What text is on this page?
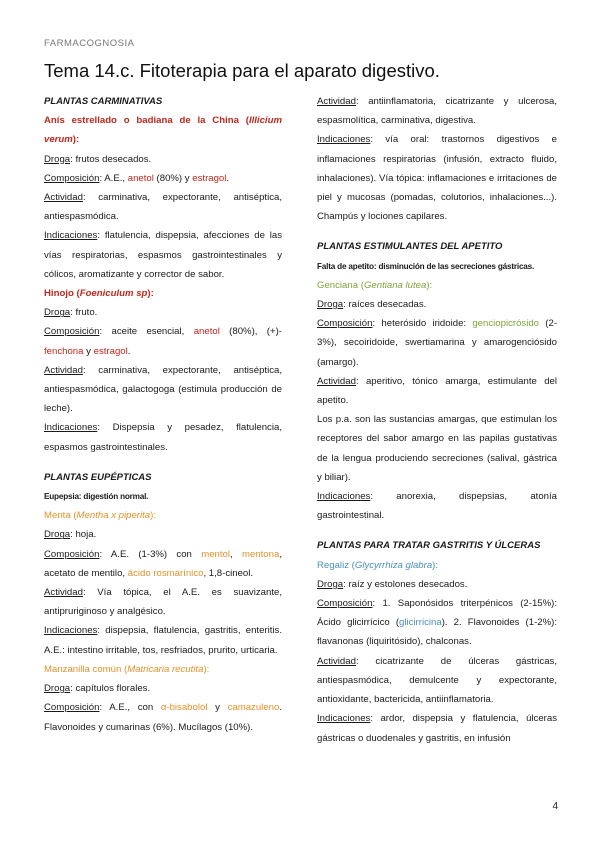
FARMACOGNOSIA
Tema 14.c. Fitoterapia para el aparato digestivo.
PLANTAS CARMINATIVAS

Anís estrellado o badiana de la China (Illicium verum):

Droga: frutos desecados.

Composición: A.E., anetol (80%) y estragol.

Actividad: carminativa, expectorante, antiséptica, antiespasmódica.

Indicaciones: flatulencia, dispepsia, afecciones de las vías respiratorias, espasmos gastrointestinales y cólicos, aromatizante y corrector de sabor.

Hinojo (Foeniculum sp):

Droga: fruto.

Composición: aceite esencial, anetol (80%), (+)-fenchona y estragol.

Actividad: carminativa, expectorante, antiséptica, antiespasmódica, galactogoga (estimula producción de leche).

Indicaciones: Dispepsia y pesadez, flatulencia, espasmos gastrointestinales.

PLANTAS EUPÉPTICAS
Eupepsia: digestión normal.

Menta (Mentha x piperita):

Droga: hoja.

Composición: A.E. (1-3%) con mentol, mentona, acetato de mentilo, ácido rosmarínico, 1,8-cineol.

Actividad: Vía tópica, el A.E. es suavizante, antipruriginoso y analgésico.

Indicaciones: dispepsia, flatulencia, gastritis, enteritis. A.E.: intestino irritable, tos, resfriados, prurito, urticaria.

Manzanilla común (Matricaria recutita):

Droga: capítulos florales.

Composición: A.E., con α-bisabolol y camazuleno. Flavonoides y cumarinas (6%). Mucílagos (10%).

Actividad: antiinflamatoria, cicatrizante y ulcerosa, espasmolítica, carminativa, digestiva.

Indicaciones: vía oral: trastornos digestivos e inflamaciones respiratorias (infusión, extracto fluido, inhalaciones). Vía tópica: inflamaciones e irritaciones de piel y mucosas (pomadas, colutorios, inhalaciones...). Champús y lociones capilares.

PLANTAS ESTIMULANTES DEL APETITO
Falta de apetito: disminución de las secreciones gástricas.

Genciana (Gentiana lutea):

Droga: raíces desecadas.

Composición: heterósido iridoide: genciopicrósido (2-3%), secoiridoide, swertiamarina y amarogenciósido (amargo).

Actividad: aperitivo, tónico amarga, estimulante del apetito.

Los p.a. son las sustancias amargas, que estimulan los receptores del sabor amargo en las papilas gustativas de la lengua produciendo secreciones (salival, gástrica y biliar).

Indicaciones: anorexia, dispepsias, atonía gastrointestinal.

PLANTAS PARA TRATAR GASTRITIS Y ÚLCERAS

Regaliz (Glycyrrhiza glabra):

Droga: raíz y estolones desecados.

Composición: 1. Saponósidos triterpénicos (2-15%): Ácido glicirrícico (glicirricina). 2. Flavonoides (1-2%): flavanonas (liquiritósido), chalconas.

Actividad: cicatrizante de úlceras gástricas, antiespasmódica, demulcente y expectorante, antioxidante, bactericida, antiinflamatoria.

Indicaciones: ardor, dispepsia y flatulencia, úlceras gástricas o duodenales y gastritis, en infusión

4
